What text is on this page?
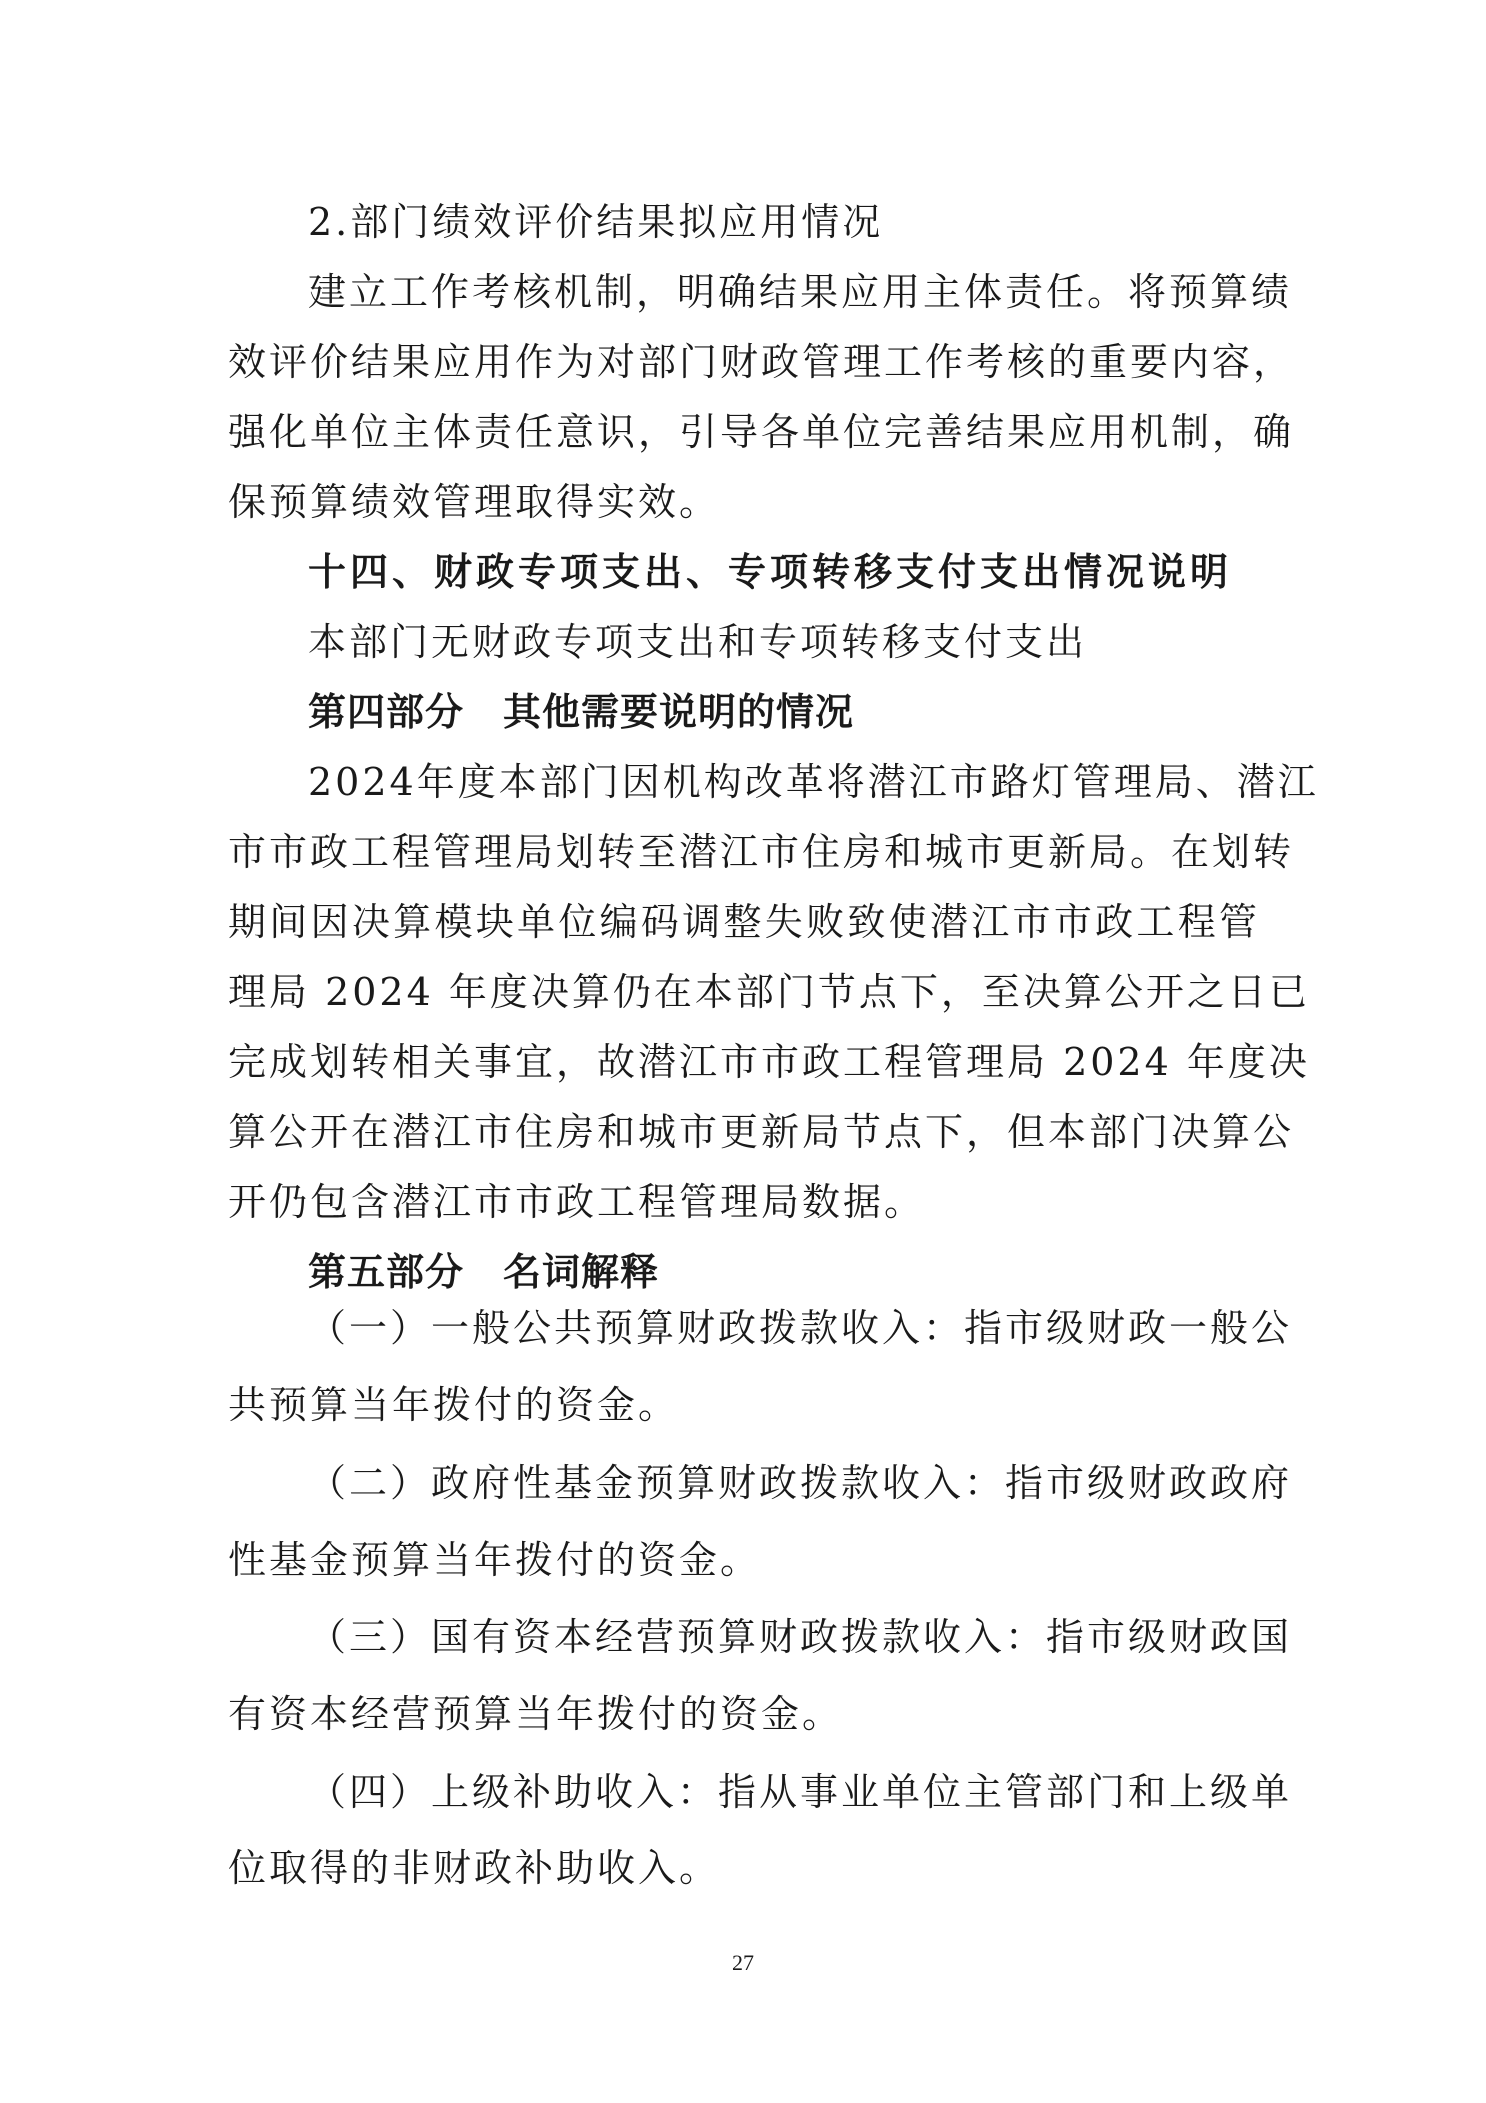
2.部门绩效评价结果拟应用情况
建立工作考核机制，明确结果应用主体责任。将预算绩
效评价结果应用作为对部门财政管理工作考核的重要内容，
强化单位主体责任意识，引导各单位完善结果应用机制，确
保预算绩效管理取得实效。
十四、财政专项支出、专项转移支付支出情况说明
本部门无财政专项支出和专项转移支付支出
第四部分　其他需要说明的情况
2024年度本部门因机构改革将潜江市路灯管理局、潜江
市市政工程管理局划转至潜江市住房和城市更新局。在划转
期间因决算模块单位编码调整失败致使潜江市市政工程管
理局 2024 年度决算仍在本部门节点下，至决算公开之日已
完成划转相关事宜，故潜江市市政工程管理局 2024 年度决
算公开在潜江市住房和城市更新局节点下，但本部门决算公
开仍包含潜江市市政工程管理局数据。
第五部分　名词解释
（一）一般公共预算财政拨款收入：指市级财政一般公
共预算当年拨付的资金。
（二）政府性基金预算财政拨款收入：指市级财政政府
性基金预算当年拨付的资金。
（三）国有资本经营预算财政拨款收入：指市级财政国
有资本经营预算当年拨付的资金。
（四）上级补助收入：指从事业单位主管部门和上级单
位取得的非财政补助收入。
27
